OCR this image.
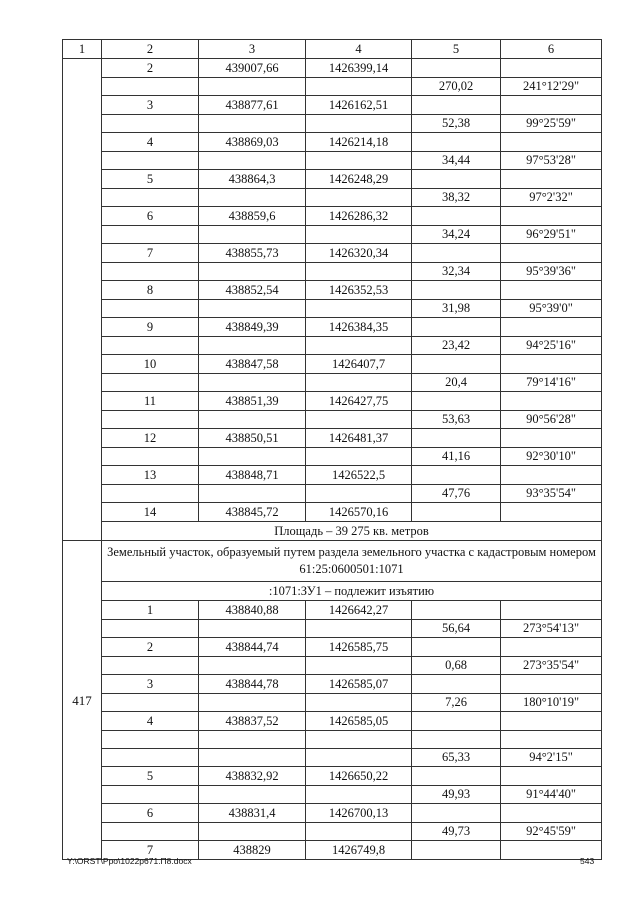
1	2	3	4	5	6
	2	439007,66	1426399,14		
				270,02	241°12'29"
	3	438877,61	1426162,51		
				52,38	99°25'59"
	4	438869,03	1426214,18		
				34,44	97°53'28"
	5	438864,3	1426248,29		
				38,32	97°2'32"
	6	438859,6	1426286,32		
				34,24	96°29'51"
	7	438855,73	1426320,34		
				32,34	95°39'36"
	8	438852,54	1426352,53		
				31,98	95°39'0"
	9	438849,39	1426384,35		
				23,42	94°25'16"
	10	438847,58	1426407,7		
				20,4	79°14'16"
	11	438851,39	1426427,75		
				53,63	90°56'28"
	12	438850,51	1426481,37		
				41,16	92°30'10"
	13	438848,71	1426522,5		
				47,76	93°35'54"
	14	438845,72	1426570,16		
	Площадь – 39 275 кв. метров				
417	Земельный участок, образуемый путем раздела земельного участка с кадастровым номером 61:25:0600501:1071				
	:1071:ЗУ1 – подлежит изъятию				
	1	438840,88	1426642,27		
				56,64	273°54'13"
	2	438844,74	1426585,75		
				0,68	273°35'54"
	3	438844,78	1426585,07		
				7,26	180°10'19"
	4	438837,52	1426585,05		

				65,33	94°2'15"
	5	438832,92	1426650,22		
				49,93	91°44'40"
	6	438831,4	1426700,13		
				49,73	92°45'59"
	7	438829	1426749,8		
Y:\ORST\Ppo\1022p671.П8.docx	543
